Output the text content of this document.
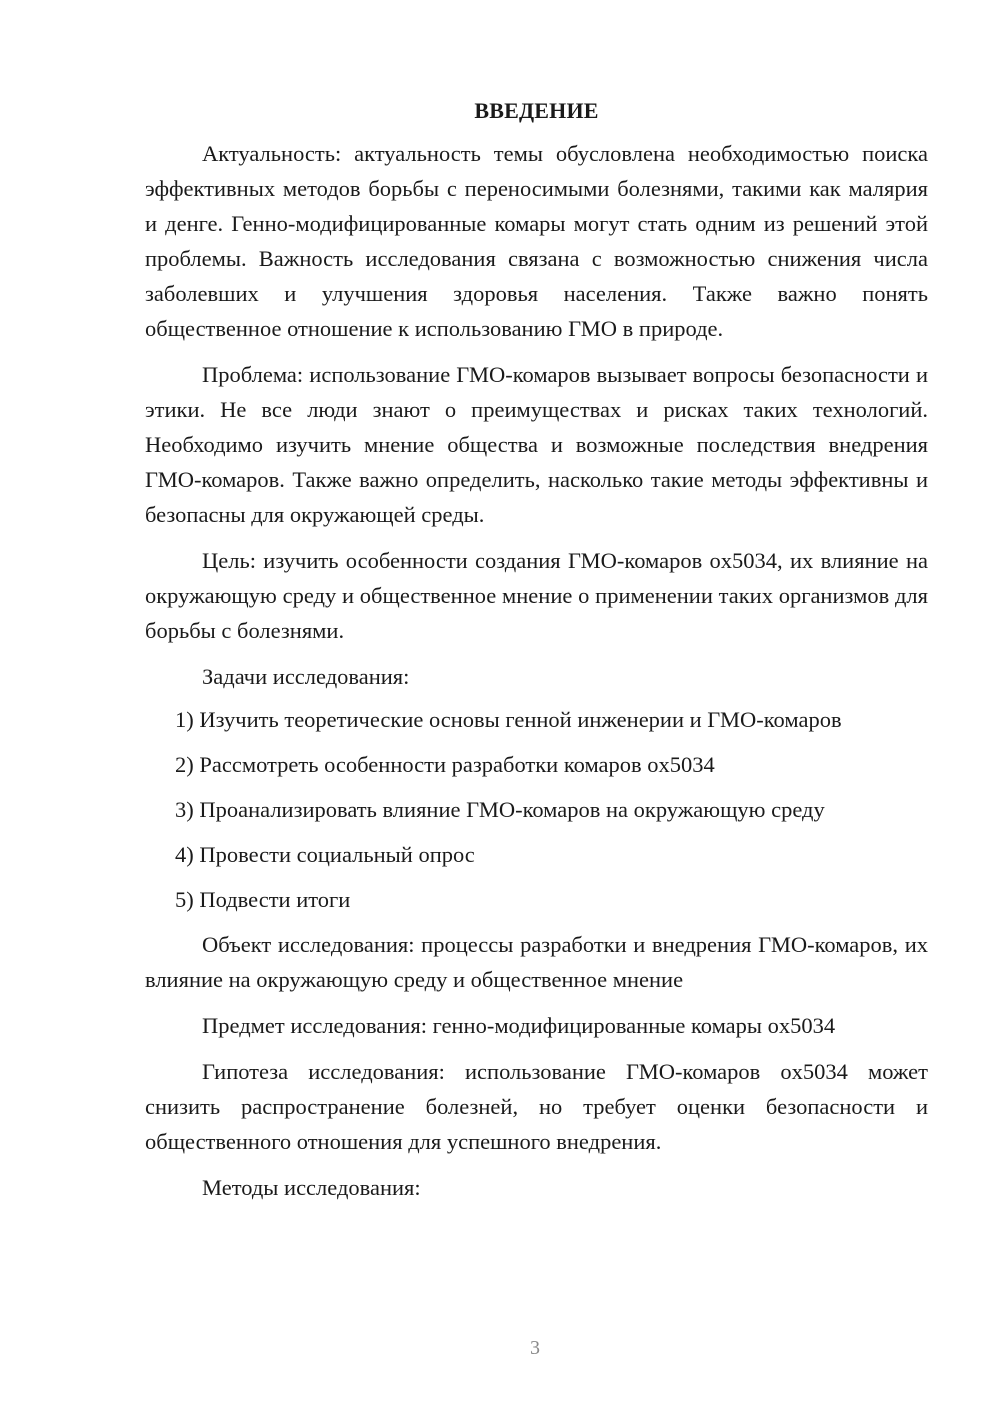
ВВЕДЕНИЕ

Актуальность: актуальность темы обусловлена необходимостью поиска эффективных методов борьбы с переносимыми болезнями, такими как малярия и денге. Генно-модифицированные комары могут стать одним из решений этой проблемы. Важность исследования связана с возможностью снижения числа заболевших и улучшения здоровья населения. Также важно понять общественное отношение к использованию ГМО в природе.

Проблема: использование ГМО-комаров вызывает вопросы безопасности и этики. Не все люди знают о преимуществах и рисках таких технологий. Необходимо изучить мнение общества и возможные последствия внедрения ГМО-комаров. Также важно определить, насколько такие методы эффективны и безопасны для окружающей среды.

Цель: изучить особенности создания ГМО-комаров ox5034, их влияние на окружающую среду и общественное мнение о применении таких организмов для борьбы с болезнями.

Задачи исследования:

1) Изучить теоретические основы генной инженерии и ГМО-комаров
2) Рассмотреть особенности разработки комаров ox5034
3) Проанализировать влияние ГМО-комаров на окружающую среду
4) Провести социальный опрос
5) Подвести итоги

Объект исследования: процессы разработки и внедрения ГМО-комаров, их влияние на окружающую среду и общественное мнение

Предмет исследования: генно-модифицированные комары ox5034

Гипотеза исследования: использование ГМО-комаров ox5034 может снизить распространение болезней, но требует оценки безопасности и общественного отношения для успешного внедрения.

Методы исследования:

3
